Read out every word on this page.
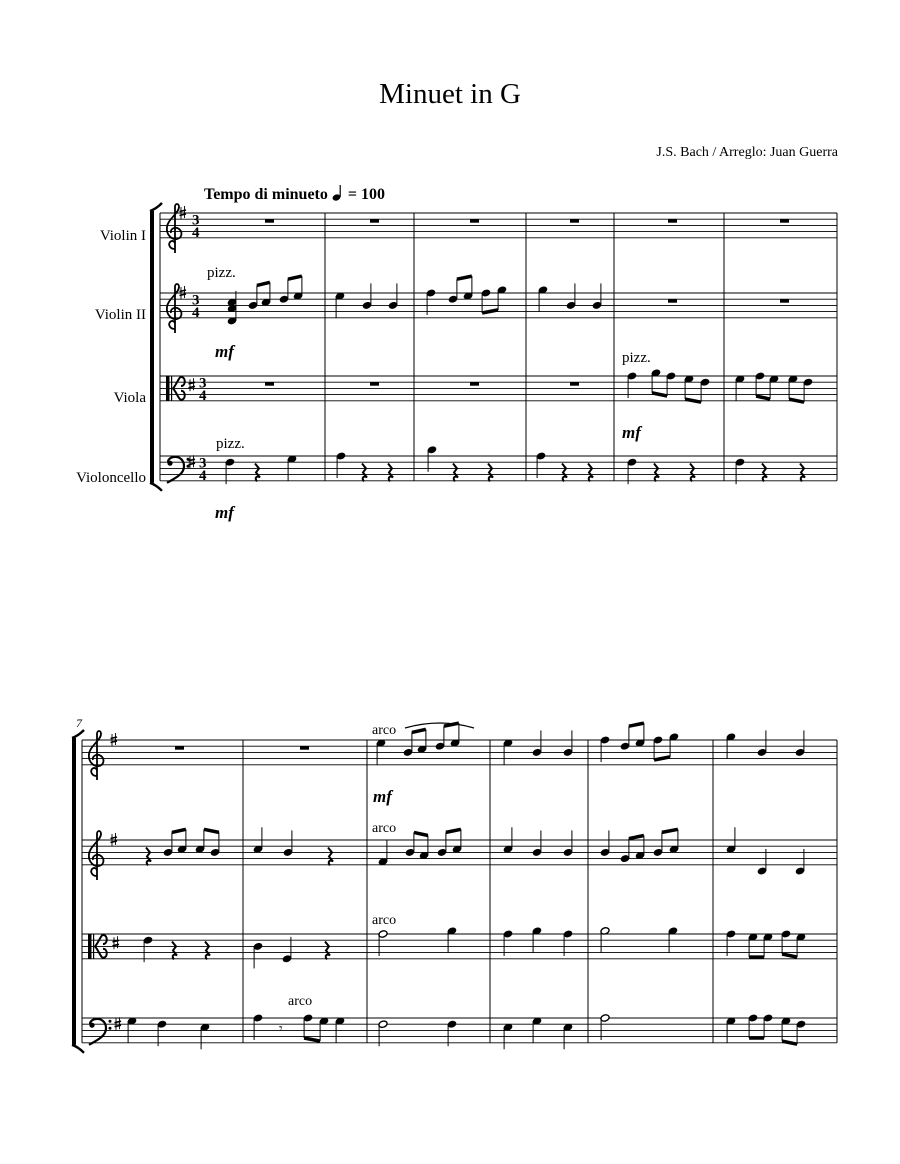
Minuet in G
J.S. Bach / Arreglo: Juan Guerra
Tempo di minueto = 100
Violin I
Violin II
Viola
Violoncello
3
4
3
4
3
4
3
4
pizz.
mf	pizz.
mf
pizz.
mf
7	arco
mf
arco
arco
𝄾
arco
